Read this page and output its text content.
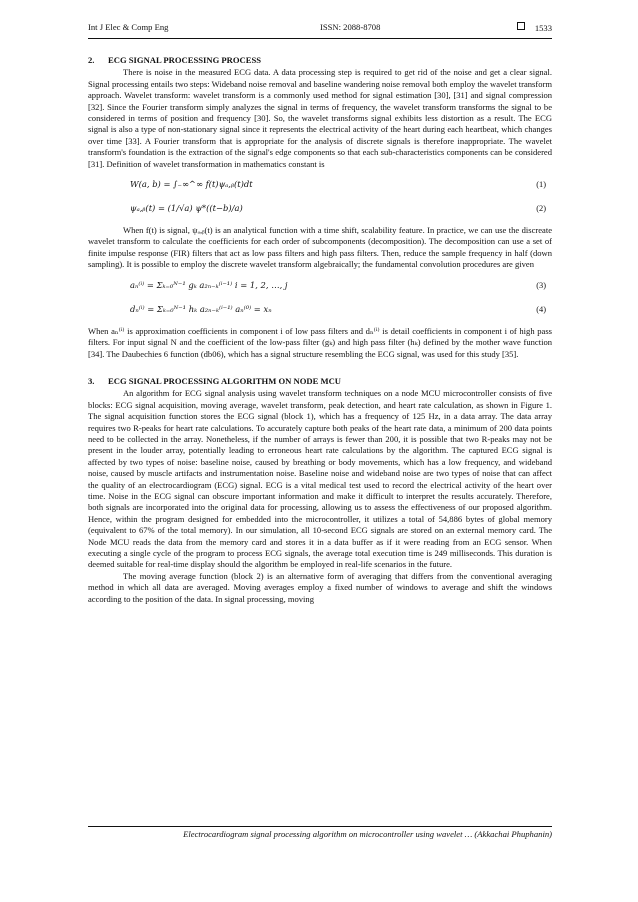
Int J Elec & Comp Eng	ISSN: 2088-8708	1533
2. ECG SIGNAL PROCESSING PROCESS

There is noise in the measured ECG data. A data processing step is required to get rid of the noise and get a clear signal. Signal processing entails two steps: Wideband noise removal and baseline wandering noise removal both employ the wavelet transform approach. Wavelet transform: wavelet transform is a commonly used method for signal estimation [30], [31] and signal compression [32]. Since the Fourier transform simply analyzes the signal in terms of frequency, the wavelet transform transforms the signal to be considered in terms of position and frequency [30]. So, the wavelet transforms signal exhibits less distortion as a result. The ECG signal is also a type of non-stationary signal since it represents the electrical activity of the heart during each heartbeat, which changes over time [33]. A Fourier transform that is appropriate for the analysis of discrete signals is therefore inappropriate. The wavelet transform's foundation is the extraction of the signal's edge components so that each sub-characteristics components can be considered [31]. Definition of wavelet transformation in mathematics constant is

W(a, b) = ∫₋∞^∞ f(t)ψₐ,ᵦ(t)dt	(1)
ψₐ,ᵦ(t) = (1/√a) ψ*((t−b)/a)	(2)

When f(t) is signal, ψₐ,ᵦ(t) is an analytical function with a time shift, scalability feature. In practice, we can use the discreate wavelet transform to calculate the coefficients for each order of subcomponents (decomposition). The decomposition can use a set of finite impulse response (FIR) filters that act as low pass filters and high pass filters. Then, reduce the sample frequency in half (down sampling). It is possible to employ the discrete wavelet transform algebraically; the fundamental convolution procedures are given

aₙ⁽ⁱ⁾ = Σₖ₌₀ᴺ⁻¹ gₖ a₂ₙ₋ₖ⁽ⁱ⁻¹⁾ i = 1, 2, …, j	(3)
dₙ⁽ⁱ⁾ = Σₖ₌₀ᴺ⁻¹ hₖ a₂ₙ₋ₖ⁽ⁱ⁻¹⁾ aₙ⁽⁰⁾ = xₙ	(4)

When aₙ⁽ⁱ⁾ is approximation coefficients in component i of low pass filters and dₙ⁽ⁱ⁾ is detail coefficients in component i of high pass filters. For input signal N and the coefficient of the low-pass filter (gₖ) and high pass filter (hₖ) defined by the mother wave function [34]. The Daubechies 6 function (db06), which has a signal structure resembling the ECG signal, was used for this study [35].

3. ECG SIGNAL PROCESSING ALGORITHM ON NODE MCU

An algorithm for ECG signal analysis using wavelet transform techniques on a node MCU microcontroller consists of five blocks: ECG signal acquisition, moving average, wavelet transform, peak detection, and heart rate calculation, as shown in Figure 1. The signal acquisition function stores the ECG signal (block 1), which has a frequency of 125 Hz, in a data array. The data array requires two R-peaks for heart rate calculations. To accurately capture both peaks of the heart rate data, a minimum of 200 data points need to be collected in the array. Nonetheless, if the number of arrays is fewer than 200, it is possible that two R-peaks may not be present in the louder array, potentially leading to erroneous heart rate calculations by the algorithm. The captured ECG signal is affected by two types of noise: baseline noise, caused by breathing or body movements, which has a low frequency, and wideband noise, caused by muscle artifacts and instrumentation noise. Baseline noise and wideband noise are two types of noise that can affect the quality of an electrocardiogram (ECG) signal. ECG is a vital medical test used to record the electrical activity of the heart over time. Noise in the ECG signal can obscure important information and make it difficult to interpret the results accurately. Therefore, both signals are incorporated into the original data for processing, allowing us to assess the effectiveness of our proposed algorithm. Hence, within the program designed for embedded into the microcontroller, it utilizes a total of 54,886 bytes of global memory (equivalent to 67% of the total memory). In our simulation, all 10-second ECG signals are stored on an external memory card. The Node MCU reads the data from the memory card and stores it in a data buffer as if it were reading from an ECG sensor. When executing a single cycle of the program to process ECG signals, the average total execution time is 249 milliseconds. This duration is deemed suitable for real-time display should the algorithm be employed in real-life scenarios in the future.

The moving average function (block 2) is an alternative form of averaging that differs from the conventional averaging method in which all data are averaged. Moving averages employ a fixed number of windows to average and shift the windows according to the position of the data. In signal processing, moving

Electrocardiogram signal processing algorithm on microcontroller using wavelet … (Akkachai Phuphanin)
